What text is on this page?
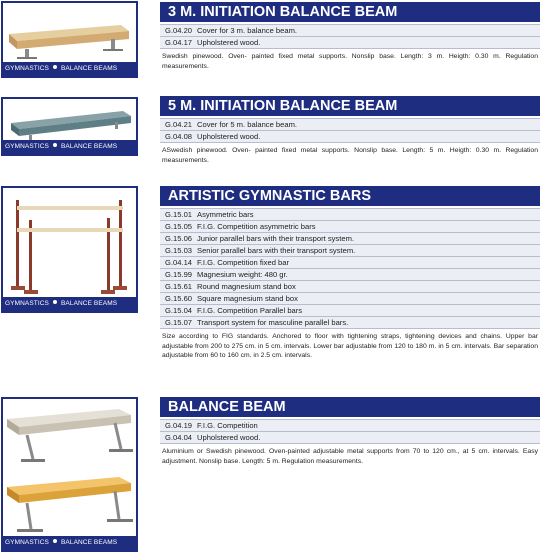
GYMNASTICS BALANCE BEAMS
GYMNASTICS BALANCE BEAMS
GYMNASTICS BALANCE BEAMS
GYMNASTICS BALANCE BEAMS
3 M. INITIATION BALANCE BEAM
G.04.20 Cover for 3 m. balance beam.
G.04.17 Upholstered wood.
Swedish pinewood. Oven- painted fixed metal supports. Nonslip base. Length: 3 m. Heigth: 0.30 m. Regulation measurements.
5 M. INITIATION BALANCE BEAM
G.04.21 Cover for 5 m. balance beam.
G.04.08 Upholstered wood.
ASwedish pinewood. Oven- painted fixed metal supports. Nonslip base. Length: 5 m. Heigth: 0.30 m. Regulation measurements.
ARTISTIC GYMNASTIC BARS
G.15.01 Asymmetric bars
G.15.05 F.I.G. Competition asymmetric bars
G.15.06 Junior parallel bars with their transport system.
G.15.03 Senior parallel bars with their transport system.
G.04.14 F.I.G. Competition fixed bar
G.15.99 Magnesium weight: 480 gr.
G.15.61 Round magnesium stand box
G.15.60 Square magnesium stand box
G.15.04 F.I.G. Competition Parallel bars
G.15.07 Transport system for masculine parallel bars.
Size according to FIG standards. Anchored to floor with tightening straps, tightening devices and chains. Upper bar adjustable from 200 to 275 cm. in 5 cm. intervals. Lower bar adjustable from 120 to 180 m. in 5 cm. intervals. Bar separation adjustable from 60 to 160 cm. in 2.5 cm. intervals.
BALANCE BEAM
G.04.19 F.I.G. Competition
G.04.04 Upholstered wood.
Aluminium or Swedish pinewood. Oven-painted adjustable metal supports from 70 to 120 cm., at 5 cm. intervals. Easy adjustment. Nonslip base. Length: 5 m. Regulation measurements.
